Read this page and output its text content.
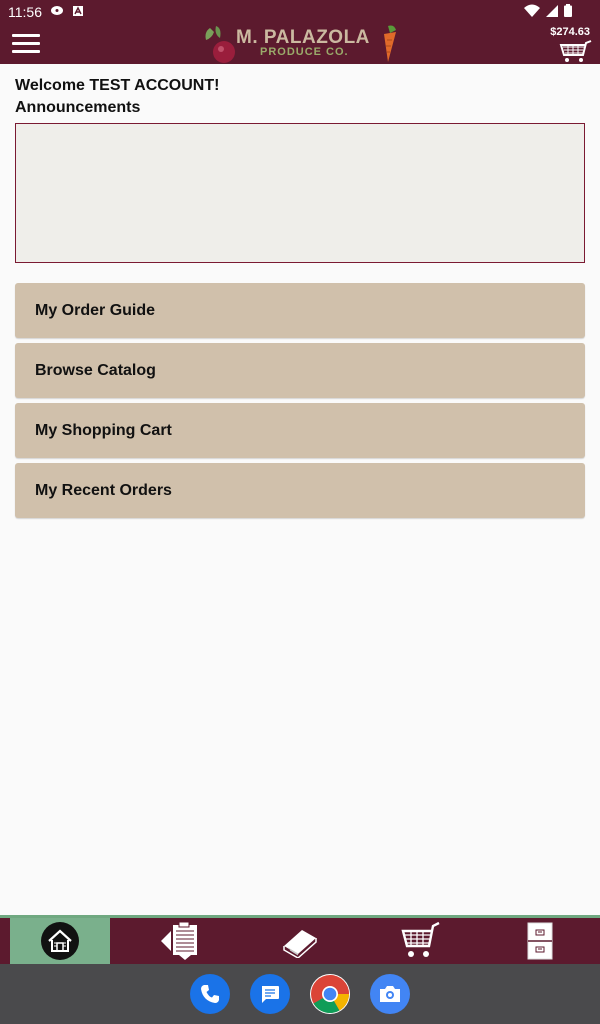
11:56
M. PALAZOLA
PRODUCE CO.
$274.63
Welcome TEST ACCOUNT!
Announcements
My Order Guide
Browse Catalog
My Shopping Cart
My Recent Orders
